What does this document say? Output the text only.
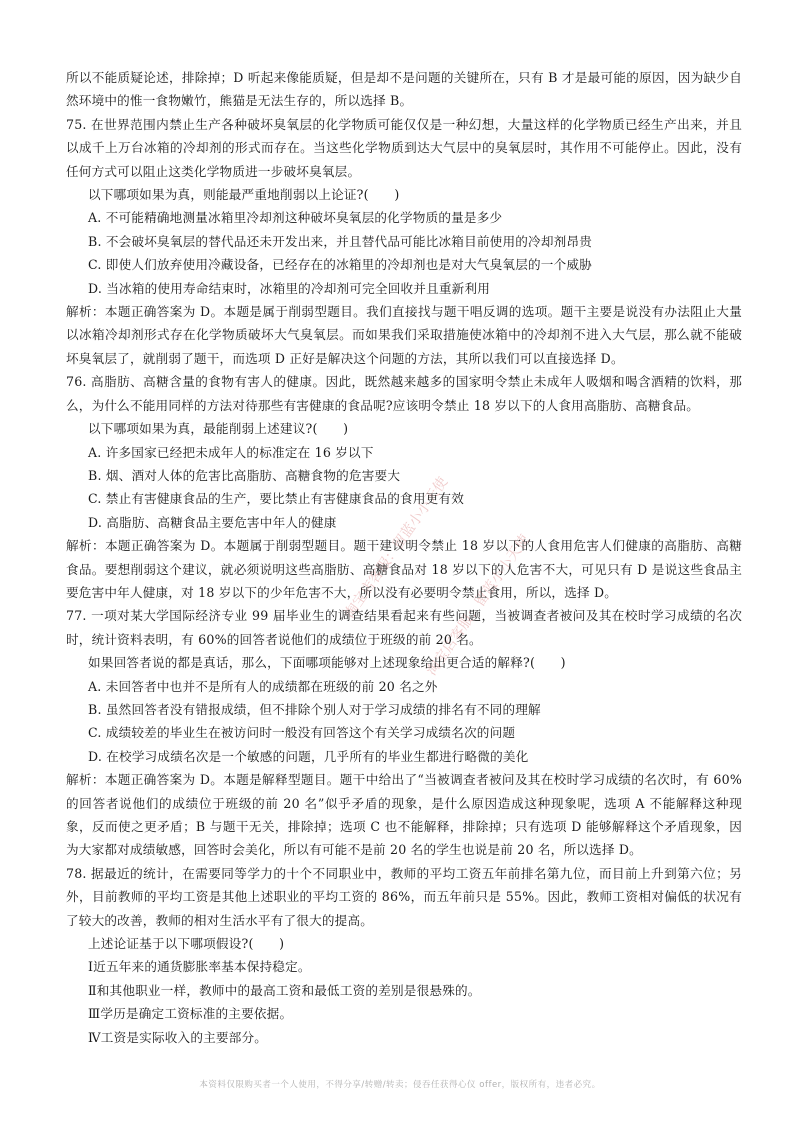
淘宝店客服：留蓝小小天使
淘宝店客服：留蓝小小天使

所以不能质疑论述，排除掉；D 听起来像能质疑，但是却不是问题的关键所在，只有 B 才是最可能的原因，因为缺少自然环境中的惟一食物嫩竹，熊猫是无法生存的，所以选择 B。

75. 在世界范围内禁止生产各种破坏臭氧层的化学物质可能仅仅是一种幻想，大量这样的化学物质已经生产出来，并且以成千上万台冰箱的冷却剂的形式而存在。当这些化学物质到达大气层中的臭氧层时，其作用不可能停止。因此，没有任何方式可以阻止这类化学物质进一步破坏臭氧层。

以下哪项如果为真，则能最严重地削弱以上论证?(　　)

A. 不可能精确地测量冰箱里冷却剂这种破坏臭氧层的化学物质的量是多少

B. 不会破坏臭氧层的替代品还未开发出来，并且替代品可能比冰箱目前使用的冷却剂昂贵

C. 即使人们放弃使用冷藏设备，已经存在的冰箱里的冷却剂也是对大气臭氧层的一个威胁

D. 当冰箱的使用寿命结束时，冰箱里的冷却剂可完全回收并且重新利用

解析：本题正确答案为 D。本题是属于削弱型题目。我们直接找与题干唱反调的选项。题干主要是说没有办法阻止大量以冰箱冷却剂形式存在化学物质破坏大气臭氧层。而如果我们采取措施使冰箱中的冷却剂不进入大气层，那么就不能破坏臭氧层了，就削弱了题干，而选项 D 正好是解决这个问题的方法，其所以我们可以直接选择 D。

76. 高脂肪、高糖含量的食物有害人的健康。因此，既然越来越多的国家明令禁止未成年人吸烟和喝含酒精的饮料，那么，为什么不能用同样的方法对待那些有害健康的食品呢?应该明令禁止 18 岁以下的人食用高脂肪、高糖食品。

以下哪项如果为真，最能削弱上述建议?(　　)

A. 许多国家已经把未成年人的标准定在 16 岁以下

B. 烟、酒对人体的危害比高脂肪、高糖食物的危害要大

C. 禁止有害健康食品的生产，要比禁止有害健康食品的食用更有效

D. 高脂肪、高糖食品主要危害中年人的健康

解析：本题正确答案为 D。本题属于削弱型题目。题干建议明令禁止 18 岁以下的人食用危害人们健康的高脂肪、高糖食品。要想削弱这个建议，就必须说明这些高脂肪、高糖食品对 18 岁以下的人危害不大，可见只有 D 是说这些食品主要危害中年人健康，对 18 岁以下的少年危害不大，所以没有必要明令禁止食用，所以，选择 D。

77. 一项对某大学国际经济专业 99 届毕业生的调查结果看起来有些问题，当被调查者被问及其在校时学习成绩的名次时，统计资料表明，有 60%的回答者说他们的成绩位于班级的前 20 名。

如果回答者说的都是真话，那么，下面哪项能够对上述现象给出更合适的解释?(　　)

A. 未回答者中也并不是所有人的成绩都在班级的前 20 名之外

B. 虽然回答者没有错报成绩，但不排除个别人对于学习成绩的排名有不同的理解

C. 成绩较差的毕业生在被访问时一般没有回答这个有关学习成绩名次的问题

D. 在校学习成绩名次是一个敏感的问题，几乎所有的毕业生都进行略微的美化

解析：本题正确答案为 D。本题是解释型题目。题干中给出了“当被调查者被问及其在校时学习成绩的名次时，有 60%的回答者说他们的成绩位于班级的前 20 名”似乎矛盾的现象，是什么原因造成这种现象呢，选项 A 不能解释这种现象，反而使之更矛盾；B 与题干无关，排除掉；选项 C 也不能解释，排除掉；只有选项 D 能够解释这个矛盾现象，因为大家都对成绩敏感，回答时会美化，所以有可能不是前 20 名的学生也说是前 20 名，所以选择 D。

78. 据最近的统计，在需要同等学力的十个不同职业中，教师的平均工资五年前排名第九位，而目前上升到第六位；另外，目前教师的平均工资是其他上述职业的平均工资的 86%，而五年前只是 55%。因此，教师工资相对偏低的状况有了较大的改善，教师的相对生活水平有了很大的提高。

上述论证基于以下哪项假设?(　　)

Ⅰ近五年来的通货膨胀率基本保持稳定。

Ⅱ和其他职业一样，教师中的最高工资和最低工资的差别是很悬殊的。

Ⅲ学历是确定工资标准的主要依据。

Ⅳ工资是实际收入的主要部分。

本资料仅限购买者一个人使用，不得分享/转赠/转卖；侵吞任获得心仪 offer，版权所有，违者必究。
